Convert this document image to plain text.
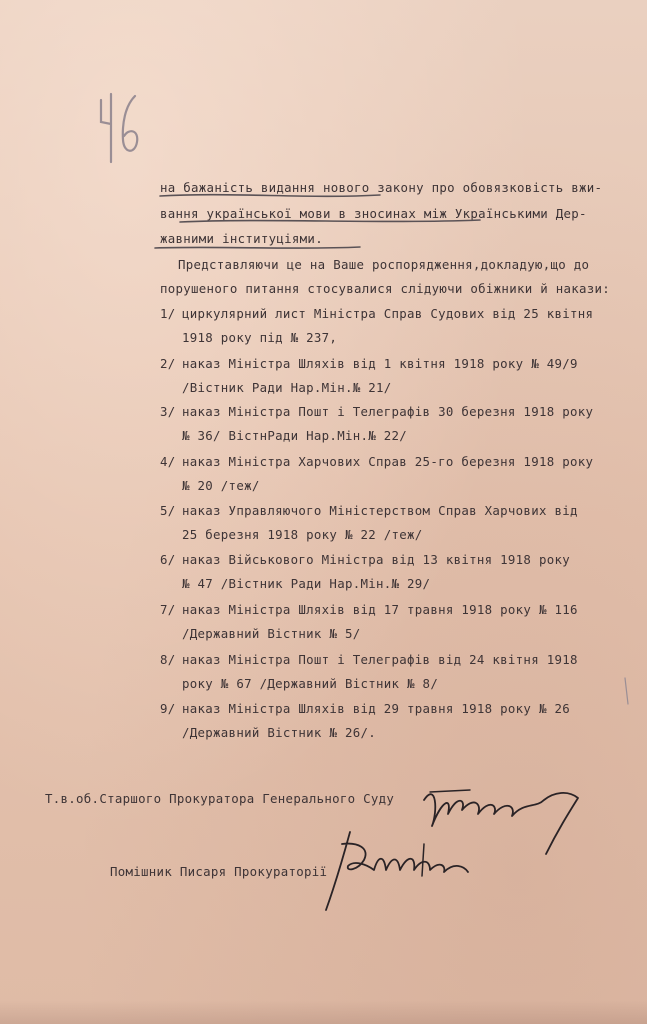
на бажаність видання нового закону про обовязковість вжи-
вання української мови в зносинах між Українськими Дер-
жавними інституціями.
Представляючи це на Ваше роспорядження,докладую,що до
порушеного питання стосувалися слідуючи обіжники й накази:
1/ циркулярний лист Міністра Справ Судових від 25 квітня
1918 року під № 237,
2/ наказ Міністра Шляхів від 1 квітня 1918 року № 49/9
/Вістник Ради Нар.Мін.№ 21/
3/ наказ Міністра Пошт і Телеграфів 30 березня 1918 року
№ 36/ ВістнРади Нар.Мін.№ 22/
4/ наказ Міністра Харчових Справ 25-го березня 1918 року
№ 20 /теж/
5/ наказ Управляючого Міністерством Справ Харчових від
25 березня 1918 року № 22 /теж/
6/ наказ Військового Міністра від 13 квітня 1918 року
№ 47 /Вістник Ради Нар.Мін.№ 29/
7/ наказ Міністра Шляхів від 17 травня 1918 року № 116
/Державний Вістник № 5/
8/ наказ Міністра Пошт і Телеграфів від 24 квітня 1918
року № 67 /Державний Вістник № 8/
9/ наказ Міністра Шляхів від 29 травня 1918 року № 26
/Державний Вістник № 26/.
Т.в.об.Старшого Прокуратора Генерального Суду
Помішник Писаря Прокураторії
